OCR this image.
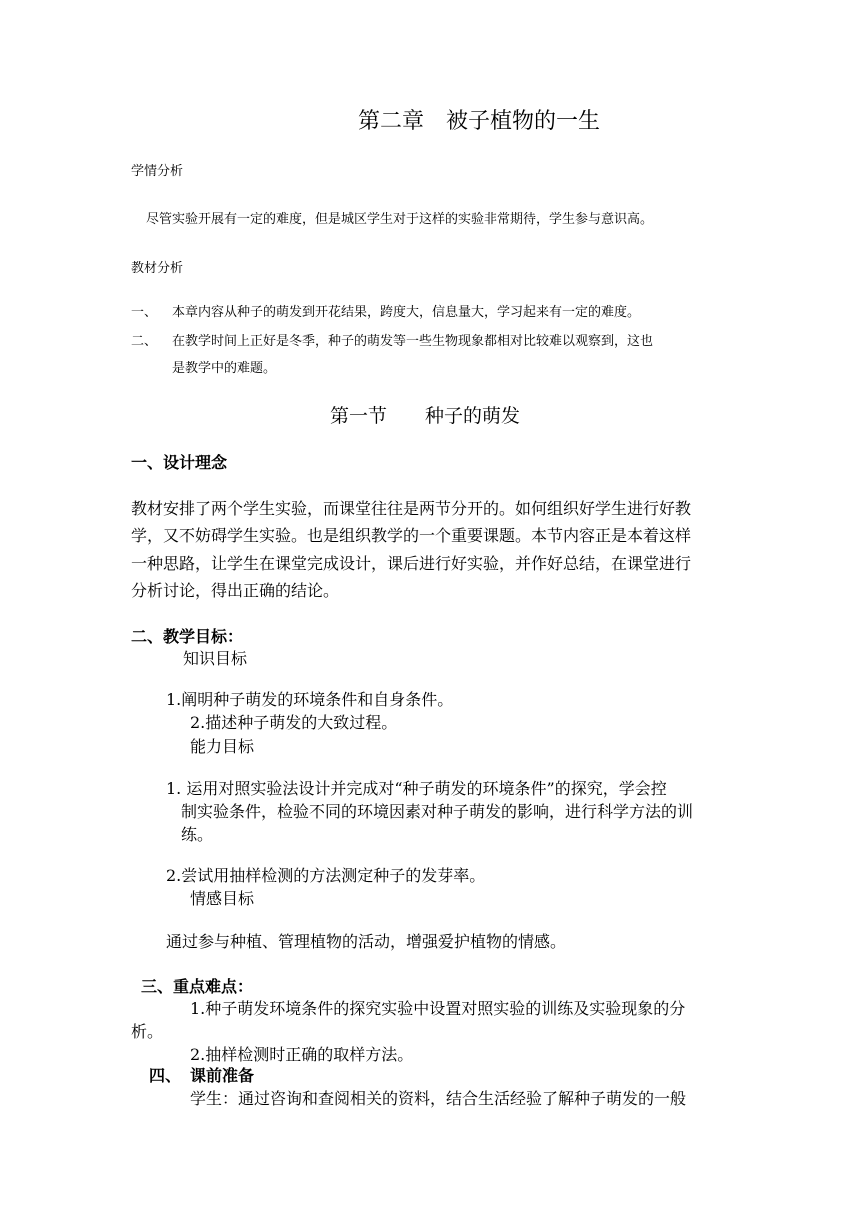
第二章　被子植物的一生
学情分析
尽管实验开展有一定的难度，但是城区学生对于这样的实验非常期待，学生参与意识高。
教材分析
一、 本章内容从种子的萌发到开花结果，跨度大，信息量大，学习起来有一定的难度。
二、 在教学时间上正好是冬季，种子的萌发等一些生物现象都相对比较难以观察到，这也
是教学中的难题。
第一节　　种子的萌发
一、设计理念
教材安排了两个学生实验，而课堂往往是两节分开的。如何组织好学生进行好教
学，又不妨碍学生实验。也是组织教学的一个重要课题。本节内容正是本着这样
一种思路，让学生在课堂完成设计，课后进行好实验，并作好总结，在课堂进行
分析讨论，得出正确的结论。
二、教学目标：
知识目标
1.阐明种子萌发的环境条件和自身条件。
2.描述种子萌发的大致过程。
能力目标
1. 运用对照实验法设计并完成对“种子萌发的环境条件”的探究，学会控
制实验条件，检验不同的环境因素对种子萌发的影响，进行科学方法的训
练。
2.尝试用抽样检测的方法测定种子的发芽率。
情感目标
通过参与种植、管理植物的活动，增强爱护植物的情感。
三、重点难点：
1.种子萌发环境条件的探究实验中设置对照实验的训练及实验现象的分
析。
2.抽样检测时正确的取样方法。
四、 课前准备
学生：通过咨询和查阅相关的资料，结合生活经验了解种子萌发的一般
